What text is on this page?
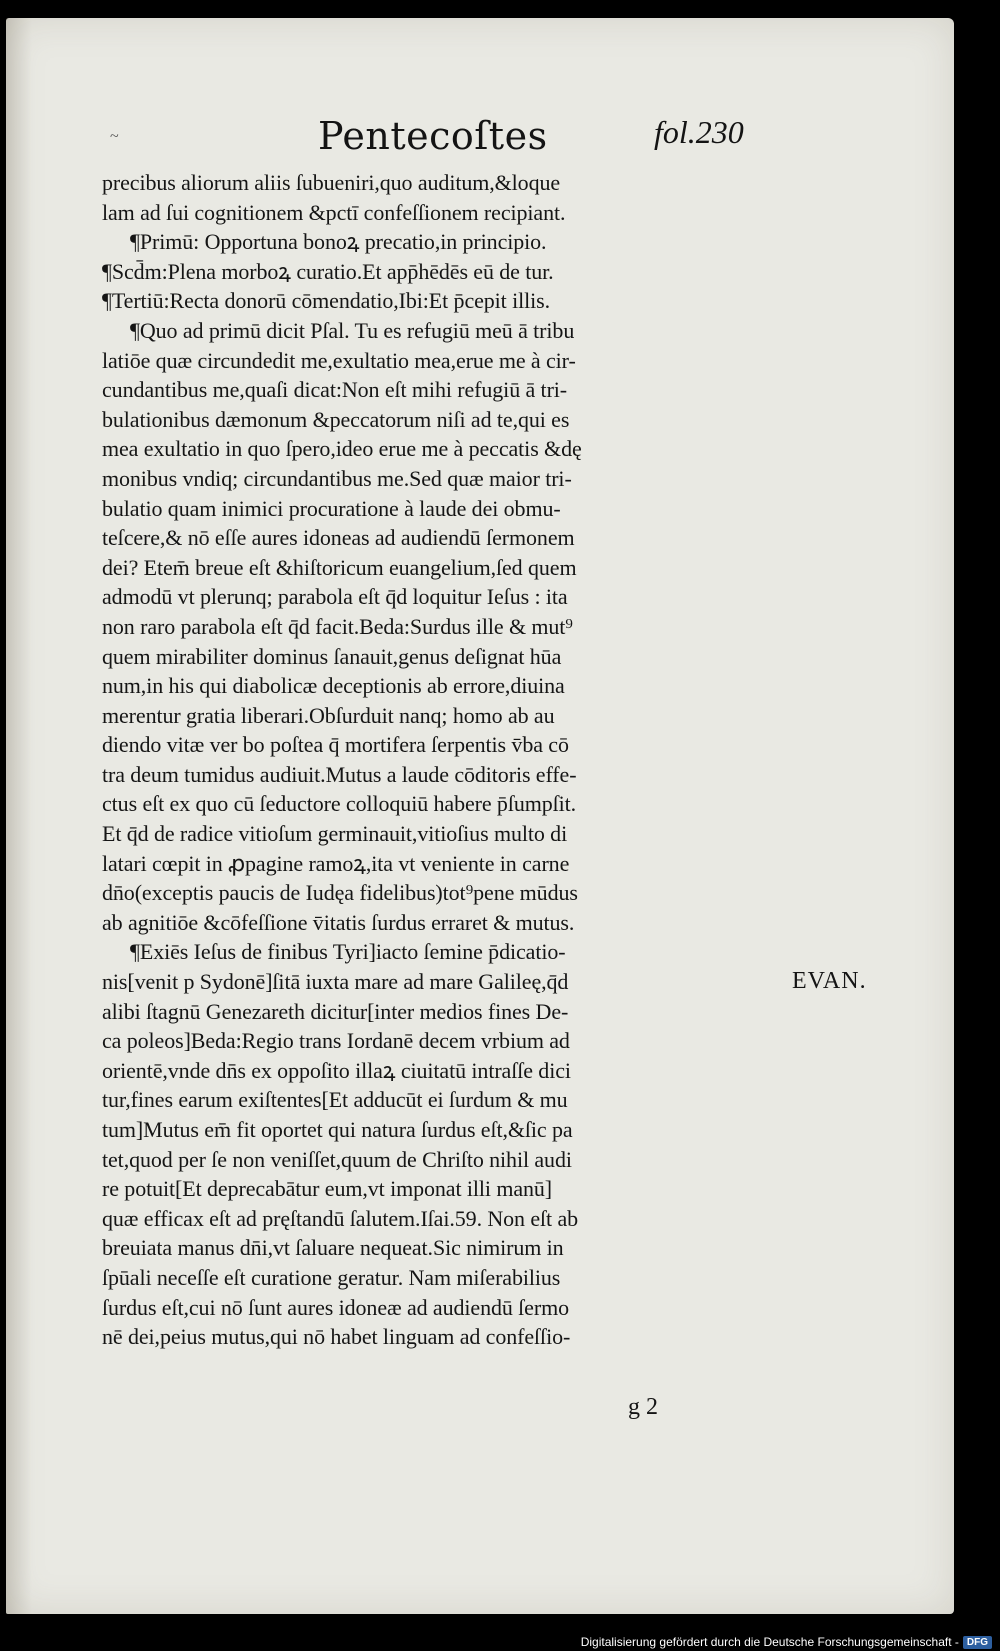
~	Pentecoſtes	fol.230
precibus aliorum aliis ſubueniri,quo auditum,&loque
lam ad ſui cognitionem &pctī confeſſionem recipiant.
¶Primū: Opportuna bonoꝝ precatio,in principio.
¶Scd̄m:Plena morboꝝ curatio.Et app̄hēdēs eū de tur.
¶Tertiū:Recta donorū cōmendatio,Ibi:Et p̄cepit illis.
¶Quo ad primū dicit Pſal. Tu es refugiū meū ā tribu
latiōe quæ circundedit me,exultatio mea,erue me à cir-
cundantibus me,quaſi dicat:Non eſt mihi refugiū ā tri-
bulationibus dæmonum &peccatorum niſi ad te,qui es
mea exultatio in quo ſpero,ideo erue me à peccatis &dę
monibus vndiq; circundantibus me.Sed quæ maior tri-
bulatio quam inimici procuratione à laude dei obmu-
teſcere,& nō eſſe aures idoneas ad audiendū ſermonem
dei? Etem̄ breue eſt &hiſtoricum euangelium,ſed quem
admodū vt plerunq; parabola eſt q̄d loquitur Ieſus : ita
non raro parabola eſt q̄d facit.Beda:Surdus ille & mut⁹
quem mirabiliter dominus ſanauit,genus deſignat hūa
num,in his qui diabolicæ deceptionis ab errore,diuina
merentur gratia liberari.Obſurduit nanq; homo ab au
diendo vitæ ver bo poſtea q̄ mortifera ſerpentis v̄ba cō
tra deum tumidus audiuit.Mutus a laude cōditoris effe-
ctus eſt ex quo cū ſeductore colloquiū habere p̄ſumpſit.
Et q̄d de radice vitioſum germinauit,vitioſius multo di
latari cœpit in ꝓpagine ramoꝝ,ita vt veniente in carne
dn̄o(exceptis paucis de Iudęa fidelibus)tot⁹pene mūdus
ab agnitiōe &cōfeſſione v̄itatis ſurdus erraret & mutus.
¶Exiēs Ieſus de finibus Tyri]iacto ſemine p̄dicatio-
nis[venit p Sydonē]ſitā iuxta mare ad mare Galileę,q̄d
alibi ſtagnū Genezareth dicitur[inter medios fines De-
ca poleos]Beda:Regio trans Iordanē decem vrbium ad
orientē,vnde dn̄s ex oppoſito illaꝝ ciuitatū intraſſe dici
tur,fines earum exiſtentes[Et adducūt ei ſurdum & mu
tum]Mutus em̄ fit oportet qui natura ſurdus eſt,&ſic pa
tet,quod per ſe non veniſſet,quum de Chriſto nihil audi
re potuit[Et deprecabātur eum,vt imponat illi manū]
quæ efficax eſt ad pręſtandū ſalutem.Iſai.59. Non eſt ab
breuiata manus dn̄i,vt ſaluare nequeat.Sic nimirum in
ſpūali neceſſe eſt curatione geratur. Nam miſerabilius
ſurdus eſt,cui nō ſunt aures idoneæ ad audiendū ſermo
nē dei,peius mutus,qui nō habet linguam ad confeſſio-
EVAN.
g 2
Digitalisierung gefördert durch die Deutsche Forschungsgemeinschaft - DFG
